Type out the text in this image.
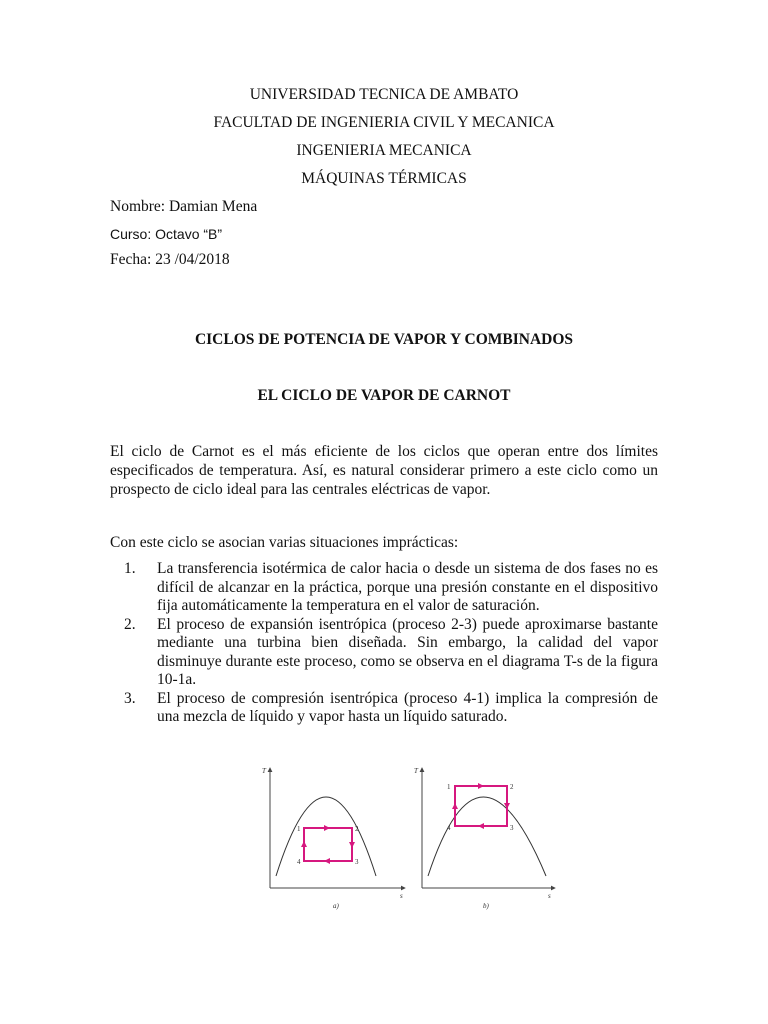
UNIVERSIDAD TECNICA DE AMBATO
FACULTAD DE INGENIERIA CIVIL Y MECANICA
INGENIERIA MECANICA
MÁQUINAS TÉRMICAS
Nombre: Damian Mena
Curso: Octavo “B”
Fecha: 23 /04/2018
CICLOS DE POTENCIA DE VAPOR Y COMBINADOS
EL CICLO DE VAPOR DE CARNOT
El ciclo de Carnot es el más eficiente de los ciclos que operan entre dos límites especificados de temperatura. Así, es natural considerar primero a este ciclo como un prospecto de ciclo ideal para las centrales eléctricas de vapor.
Con este ciclo se asocian varias situaciones imprácticas:
1. La transferencia isotérmica de calor hacia o desde un sistema de dos fases no es difícil de alcanzar en la práctica, porque una presión constante en el dispositivo fija automáticamente la temperatura en el valor de saturación.
2. El proceso de expansión isentrópica (proceso 2-3) puede aproximarse bastante mediante una turbina bien diseñada. Sin embargo, la calidad del vapor disminuye durante este proceso, como se observa en el diagrama T-s de la figura 10-1a.
3. El proceso de compresión isentrópica (proceso 4-1) implica la compresión de una mezcla de líquido y vapor hasta un líquido saturado.
T
s
1	2
3
4
a)
T
s
1	2
3
4
b)
